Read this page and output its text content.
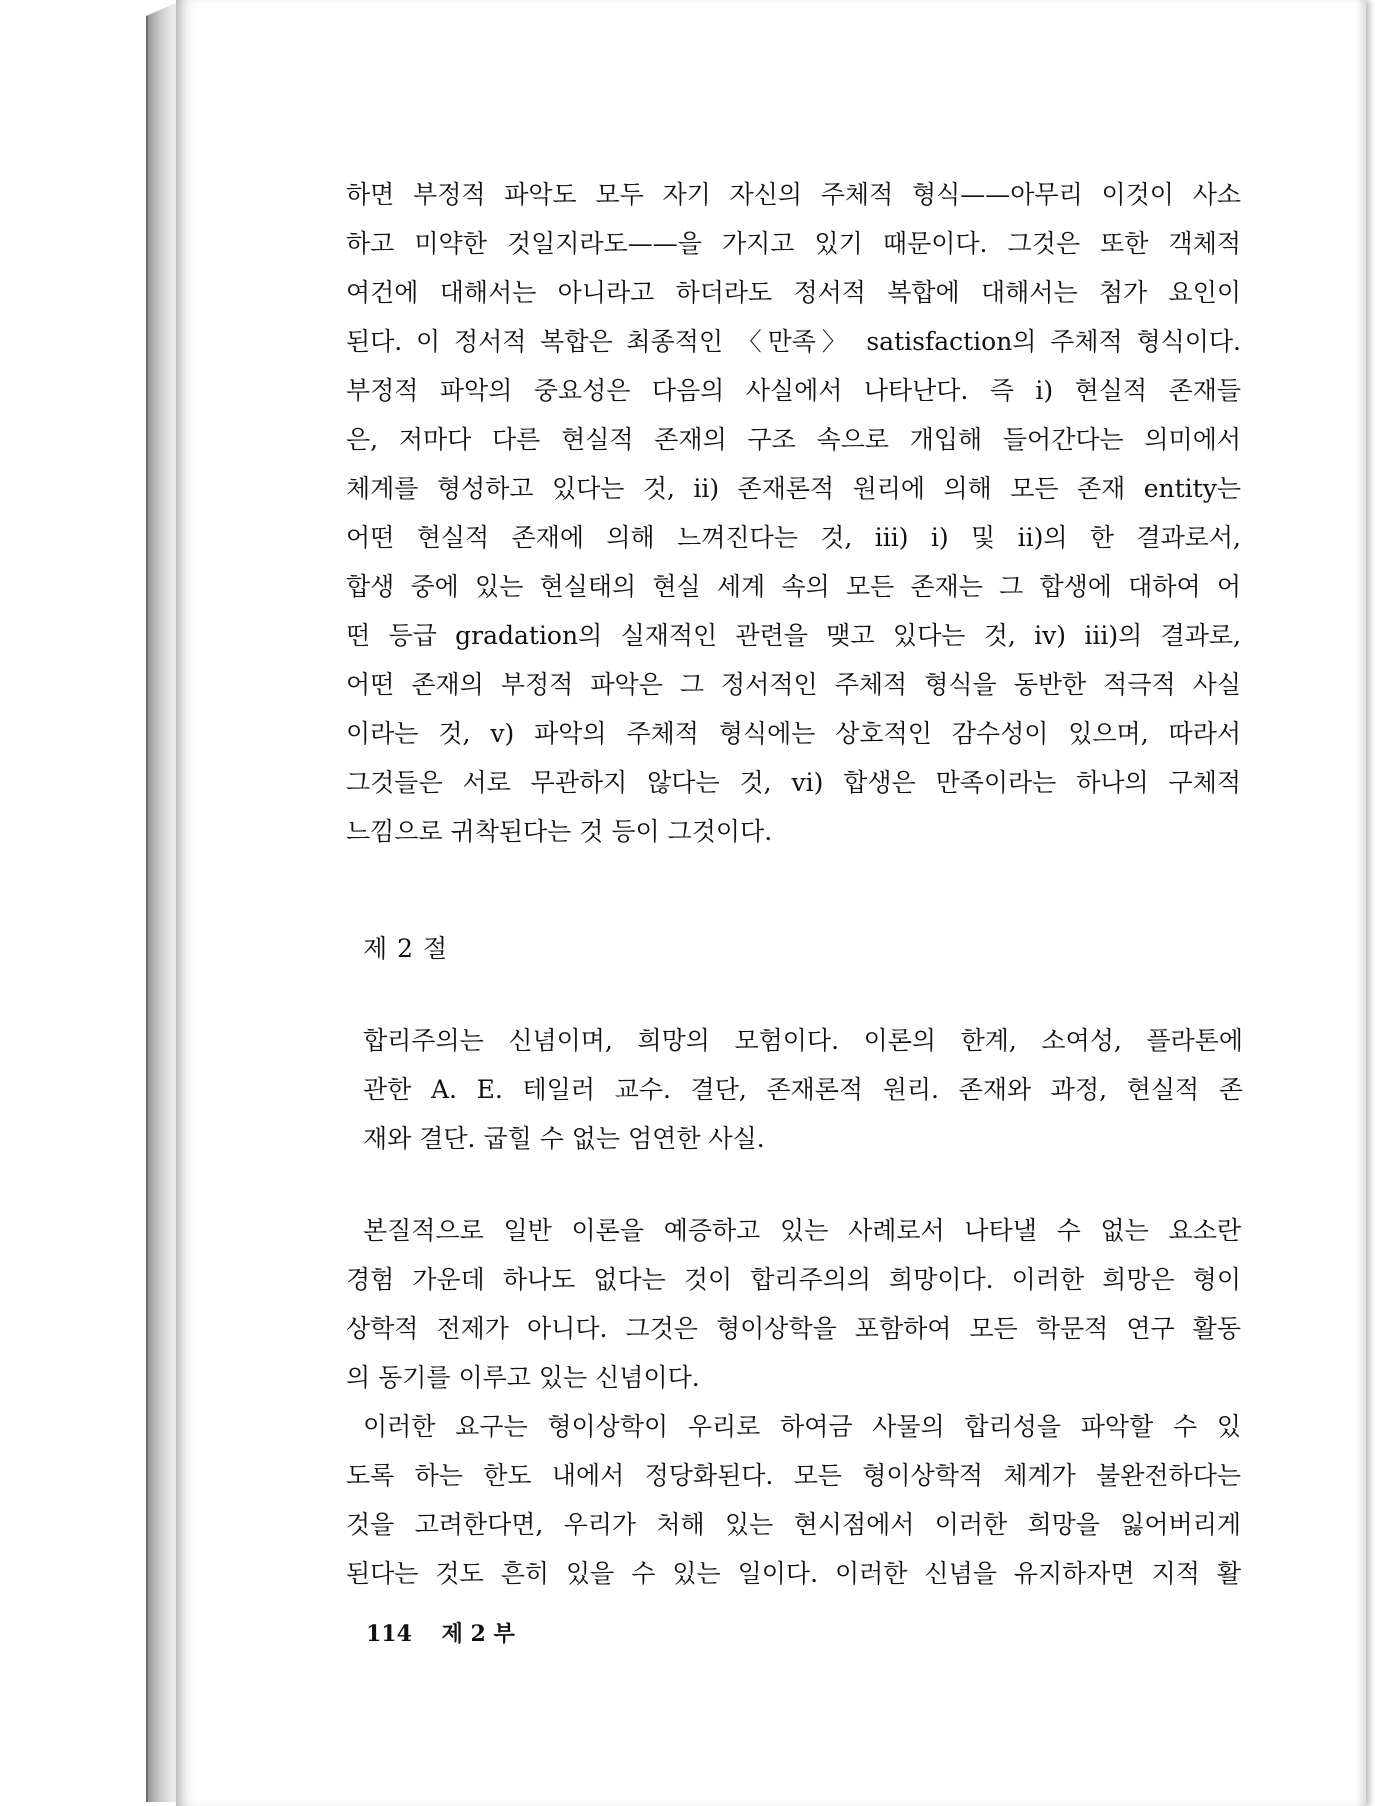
하면 부정적 파악도 모두 자기 자신의 주체적 형식——아무리 이것이 사소
하고 미약한 것일지라도——을 가지고 있기 때문이다. 그것은 또한 객체적
여건에 대해서는 아니라고 하더라도 정서적 복합에 대해서는 첨가 요인이
된다. 이 정서적 복합은 최종적인 〈만족〉 satisfaction의 주체적 형식이다.
부정적 파악의 중요성은 다음의 사실에서 나타난다. 즉 i) 현실적 존재들
은, 저마다 다른 현실적 존재의 구조 속으로 개입해 들어간다는 의미에서
체계를 형성하고 있다는 것, ii) 존재론적 원리에 의해 모든 존재 entity는
어떤 현실적 존재에 의해 느껴진다는 것, iii) i) 및 ii)의 한 결과로서,
합생 중에 있는 현실태의 현실 세계 속의 모든 존재는 그 합생에 대하여 어
떤 등급 gradation의 실재적인 관련을 맺고 있다는 것, iv) iii)의 결과로,
어떤 존재의 부정적 파악은 그 정서적인 주체적 형식을 동반한 적극적 사실
이라는 것, v) 파악의 주체적 형식에는 상호적인 감수성이 있으며, 따라서
그것들은 서로 무관하지 않다는 것, vi) 합생은 만족이라는 하나의 구체적
느낌으로 귀착된다는 것 등이 그것이다.
제 2 절
합리주의는 신념이며, 희망의 모험이다. 이론의 한계, 소여성, 플라톤에
관한 A. E. 테일러 교수. 결단, 존재론적 원리. 존재와 과정, 현실적 존
재와 결단. 굽힐 수 없는 엄연한 사실.
본질적으로 일반 이론을 예증하고 있는 사례로서 나타낼 수 없는 요소란
경험 가운데 하나도 없다는 것이 합리주의의 희망이다. 이러한 희망은 형이
상학적 전제가 아니다. 그것은 형이상학을 포함하여 모든 학문적 연구 활동
의 동기를 이루고 있는 신념이다.
이러한 요구는 형이상학이 우리로 하여금 사물의 합리성을 파악할 수 있
도록 하는 한도 내에서 정당화된다. 모든 형이상학적 체계가 불완전하다는
것을 고려한다면, 우리가 처해 있는 현시점에서 이러한 희망을 잃어버리게
된다는 것도 흔히 있을 수 있는 일이다. 이러한 신념을 유지하자면 지적 활
114 제 2 부
